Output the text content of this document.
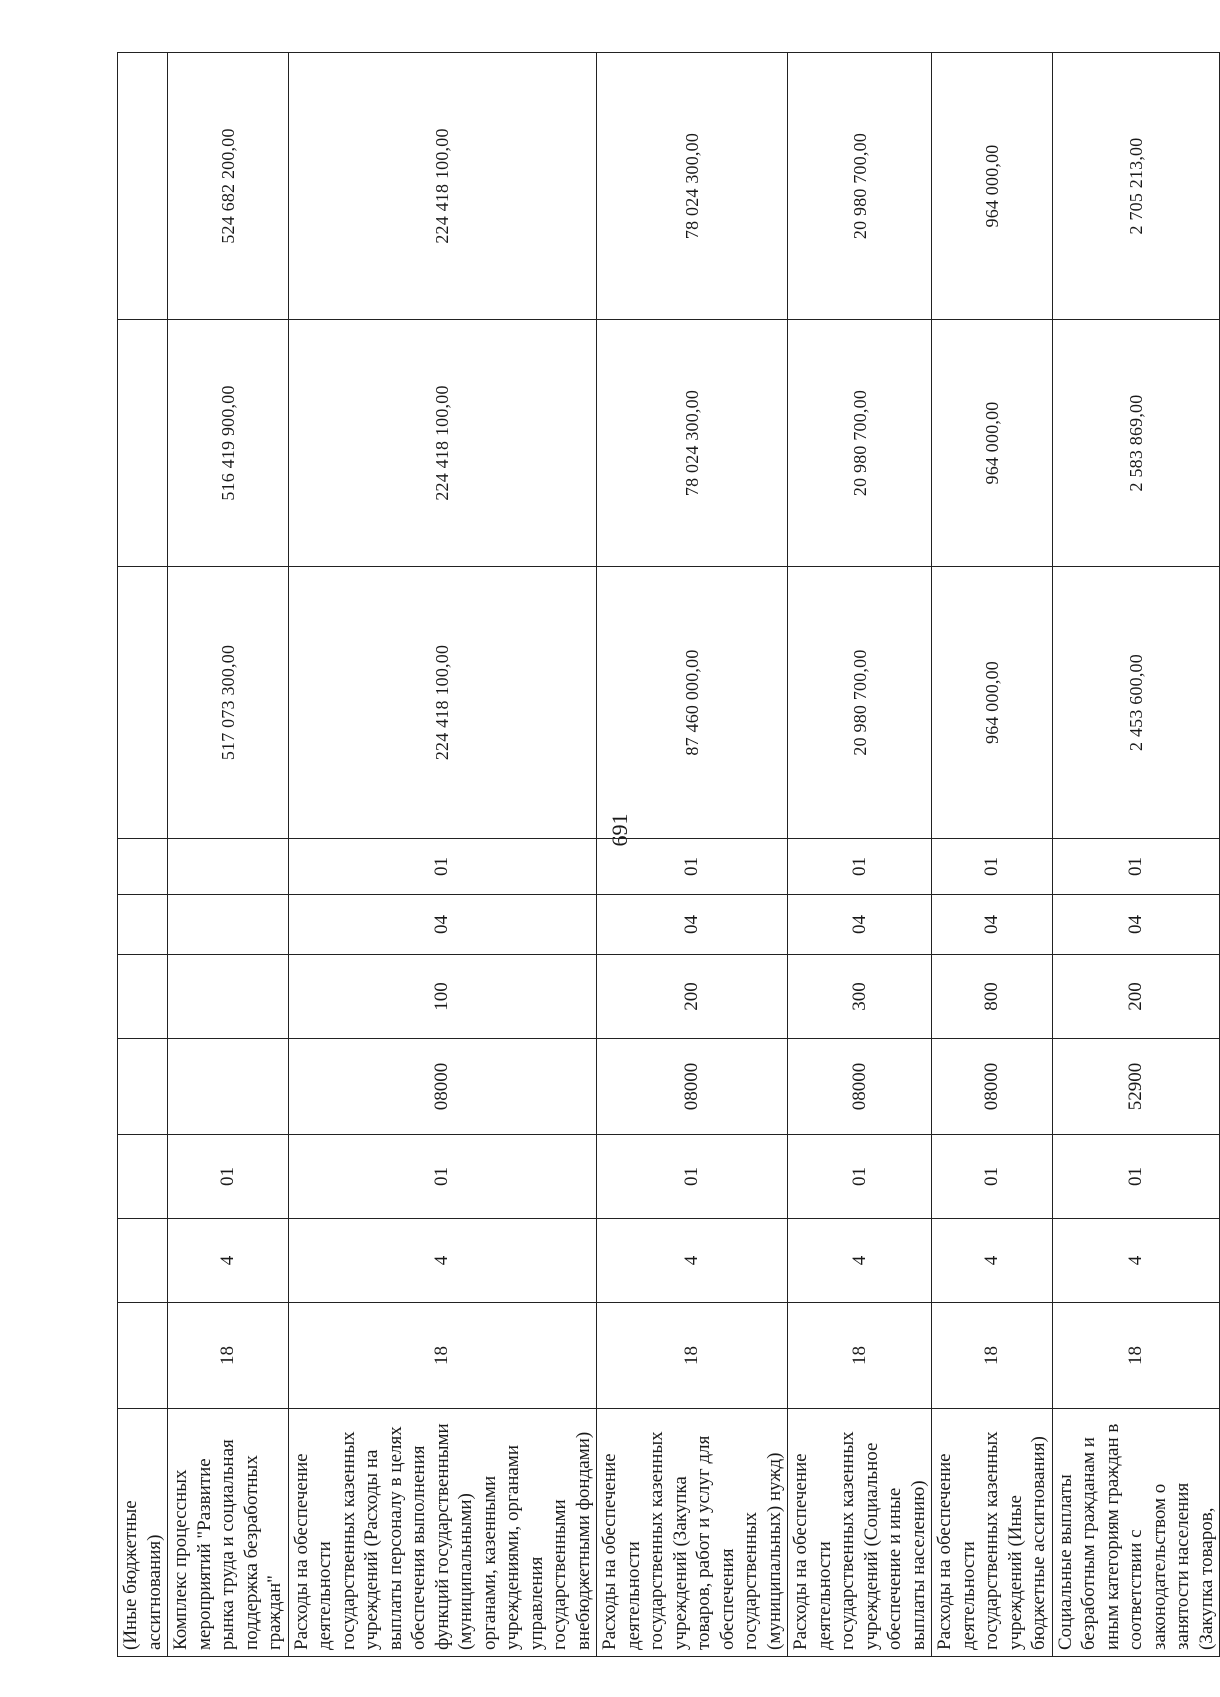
691
(Иные бюджетные ассигнования)										
Комплекс процессных мероприятий "Развитие рынка труда и социальная поддержка безработных граждан"	18	4	01					517 073 300,00	516 419 900,00	524 682 200,00
Расходы на обеспечение деятельности государственных казенных учреждений (Расходы на выплаты персоналу в целях обеспечения выполнения функций государственными (муниципальными) органами, казенными учреждениями, органами управления государственными внебюджетными фондами)	18	4	01	08000	100	04	01	224 418 100,00	224 418 100,00	224 418 100,00
Расходы на обеспечение деятельности государственных казенных учреждений (Закупка товаров, работ и услуг для обеспечения государственных (муниципальных) нужд)	18	4	01	08000	200	04	01	87 460 000,00	78 024 300,00	78 024 300,00
Расходы на обеспечение деятельности государственных казенных учреждений (Социальное обеспечение и иные выплаты населению)	18	4	01	08000	300	04	01	20 980 700,00	20 980 700,00	20 980 700,00
Расходы на обеспечение деятельности государственных казенных учреждений (Иные бюджетные ассигнования)	18	4	01	08000	800	04	01	964 000,00	964 000,00	964 000,00
Социальные выплаты безработным гражданам и иным категориям граждан в соответствии с законодательством о занятости населения (Закупка товаров,	18	4	01	52900	200	04	01	2 453 600,00	2 583 869,00	2 705 213,00
